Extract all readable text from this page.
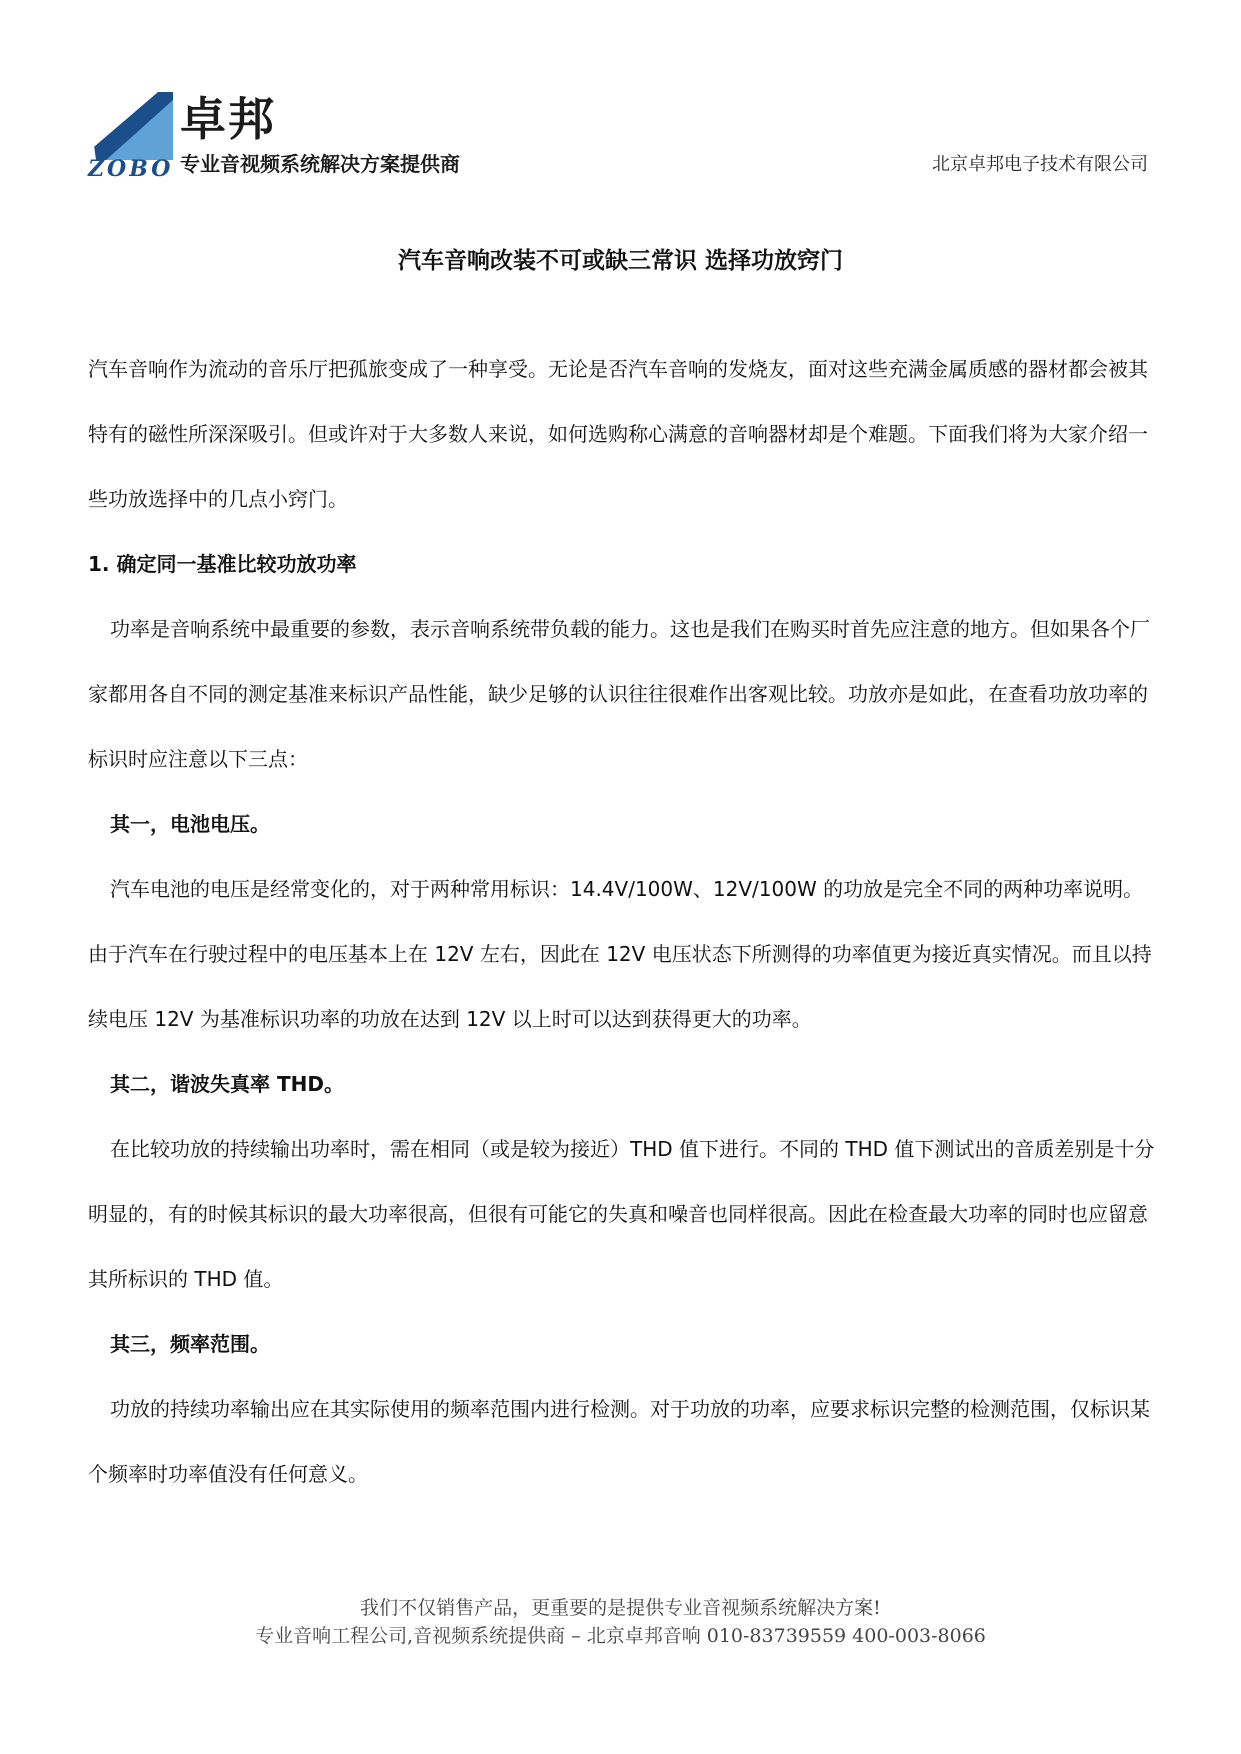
卓邦
ZOBO 专业音视频系统解决方案提供商	北京卓邦电子技术有限公司
汽车音响改装不可或缺三常识 选择功放窍门

汽车音响作为流动的音乐厅把孤旅变成了一种享受。无论是否汽车音响的发烧友，面对这些充满金属质感的器材都会被其特有的磁性所深深吸引。但或许对于大多数人来说，如何选购称心满意的音响器材却是个难题。下面我们将为大家介绍一些功放选择中的几点小窍门。

1. 确定同一基准比较功放功率

功率是音响系统中最重要的参数，表示音响系统带负载的能力。这也是我们在购买时首先应注意的地方。但如果各个厂家都用各自不同的测定基准来标识产品性能，缺少足够的认识往往很难作出客观比较。功放亦是如此，在查看功放功率的标识时应注意以下三点：

其一，电池电压。

汽车电池的电压是经常变化的，对于两种常用标识：14.4V/100W、12V/100W 的功放是完全不同的两种功率说明。由于汽车在行驶过程中的电压基本上在 12V 左右，因此在 12V 电压状态下所测得的功率值更为接近真实情况。而且以持续电压 12V 为基准标识功率的功放在达到 12V 以上时可以达到获得更大的功率。

其二，谐波失真率 THD。

在比较功放的持续输出功率时，需在相同（或是较为接近）THD 值下进行。不同的 THD 值下测试出的音质差别是十分明显的，有的时候其标识的最大功率很高，但很有可能它的失真和噪音也同样很高。因此在检查最大功率的同时也应留意其所标识的 THD 值。

其三，频率范围。

功放的持续功率输出应在其实际使用的频率范围内进行检测。对于功放的功率，应要求标识完整的检测范围，仅标识某个频率时功率值没有任何意义。

我们不仅销售产品，更重要的是提供专业音视频系统解决方案!
专业音响工程公司,音视频系统提供商 – 北京卓邦音响 010-83739559 400-003-8066
